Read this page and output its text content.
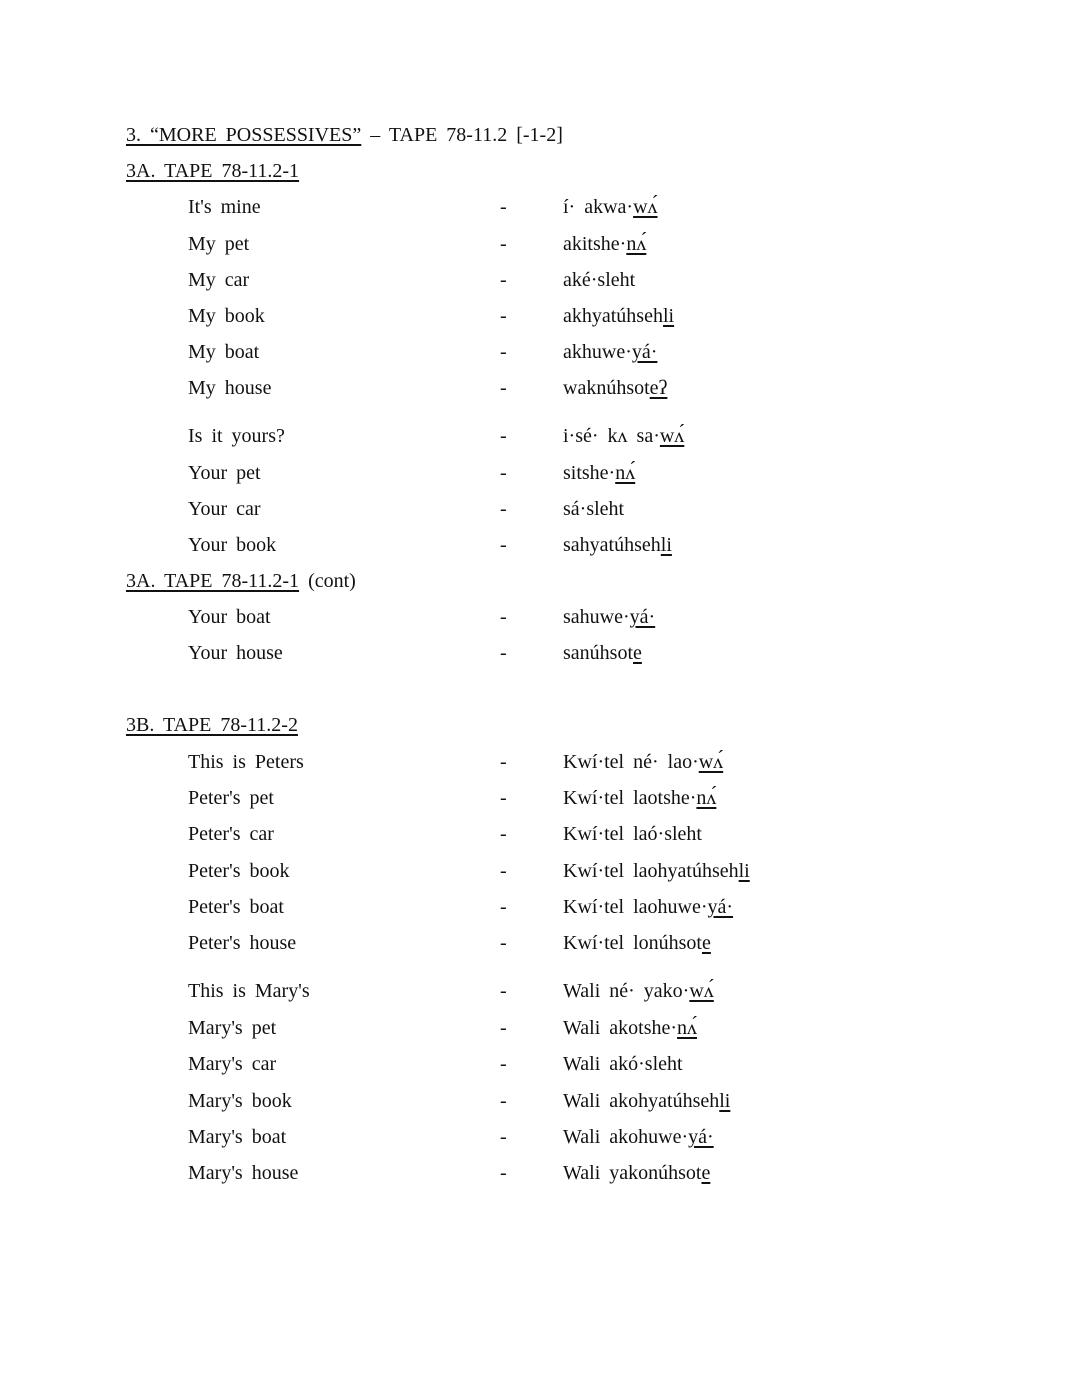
3. “MORE POSSESSIVES” – TAPE 78-11.2 [-1-2]
3A. TAPE 78-11.2-1
3A. TAPE 78-11.2-1 (cont)
3B. TAPE 78-11.2-2
It's mine	-	í· akwa·wʌ́
My pet	-	akitshe·nʌ́
My car	-	aké·sleht
My book	-	akhyatúhsehli
My boat	-	akhuwe·yá·
My house	-	waknúhsoteʔ
Is it yours?	-	i·sé· kʌ sa·wʌ́
Your pet	-	sitshe·nʌ́
Your car	-	sá·sleht
Your book	-	sahyatúhsehli
Your boat	-	sahuwe·yá·
Your house	-	sanúhsote
This is Peters	-	Kwí·tel né· lao·wʌ́
Peter's pet	-	Kwí·tel laotshe·nʌ́
Peter's car	-	Kwí·tel laó·sleht
Peter's book	-	Kwí·tel laohyatúhsehli
Peter's boat	-	Kwí·tel laohuwe·yá·
Peter's house	-	Kwí·tel lonúhsote
This is Mary's	-	Wali né· yako·wʌ́
Mary's pet	-	Wali akotshe·nʌ́
Mary's car	-	Wali akó·sleht
Mary's book	-	Wali akohyatúhsehli
Mary's boat	-	Wali akohuwe·yá·
Mary's house	-	Wali yakonúhsote
